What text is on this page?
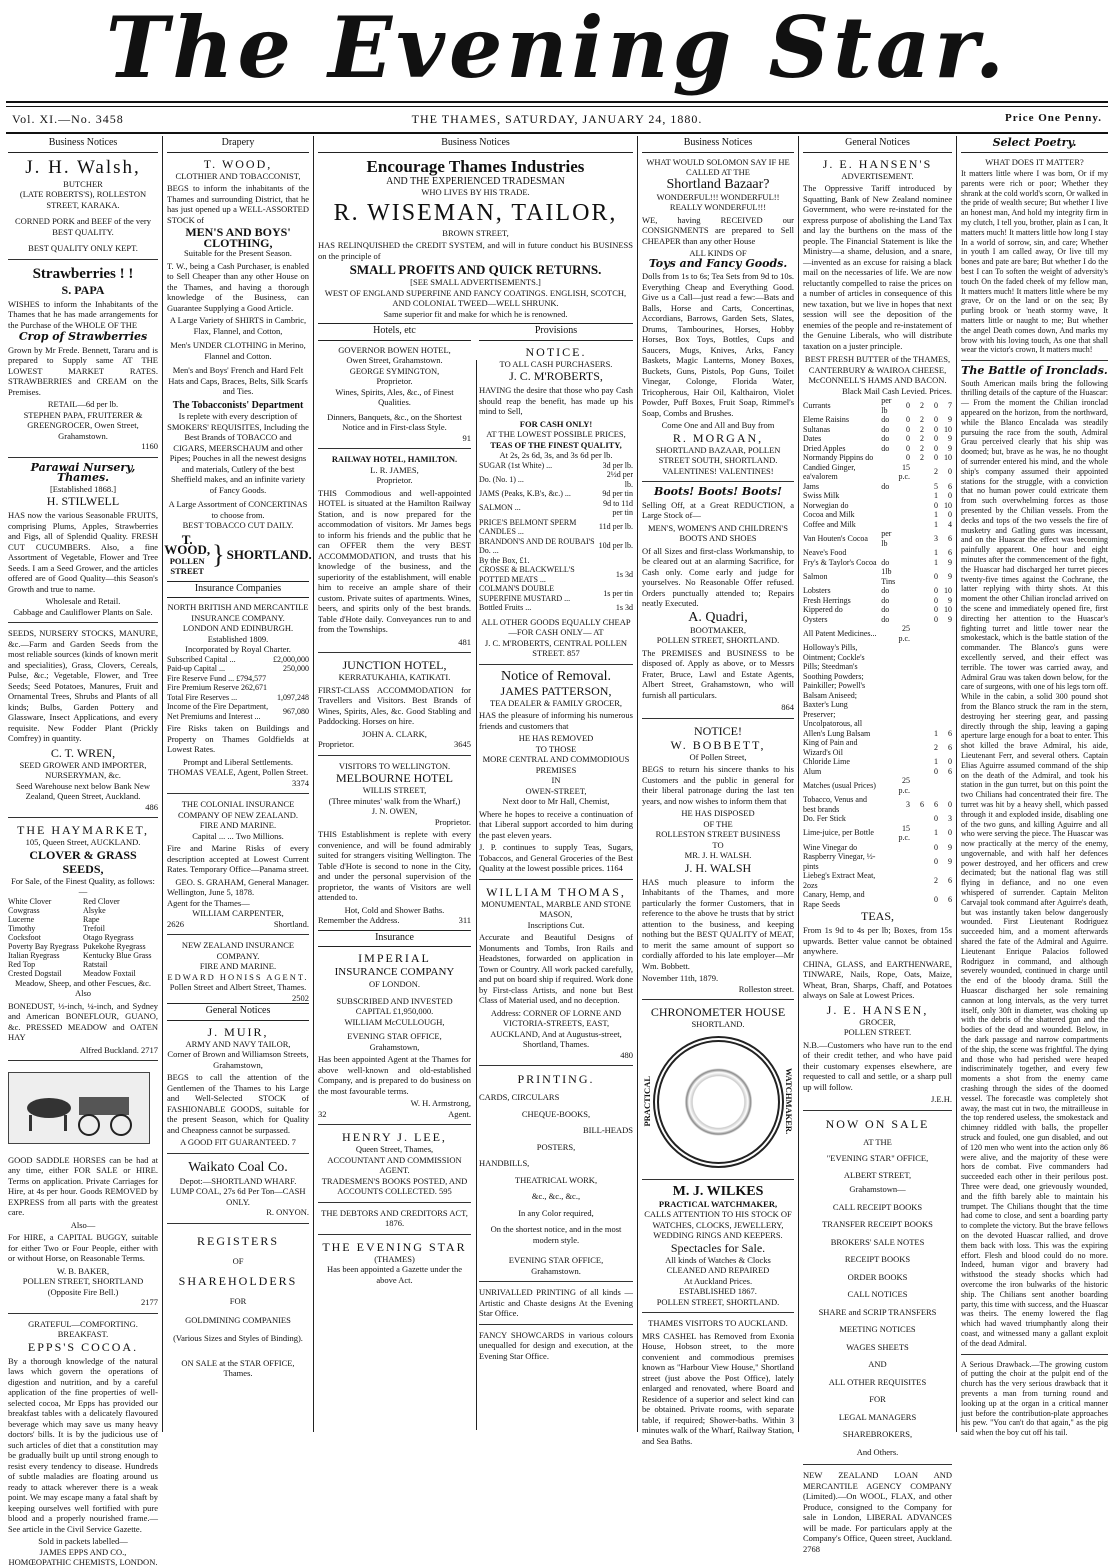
The Evening Star.
Vol. XI.—No. 3458	THE THAMES, SATURDAY, JANUARY 24, 1880.	Price One Penny.
Business Notices
J. H. Walsh,
BUTCHER
(LATE ROBERTS'S), ROLLESTON STREET, KARAKA.
CORNED PORK and BEEF of the very BEST QUALITY.
BEST QUALITY ONLY KEPT.
Strawberries ! !
S. PAPA
WISHES to inform the Inhabitants of the Thames that he has made arrangements for the Purchase of the WHOLE OF THE
Crop of Strawberries
Grown by Mr Frede. Bennett, Tararu and is prepared to Supply same AT THE LOWEST MARKET RATES. STRAWBERRIES and CREAM on the Premises.
RETAIL—6d per lb.
STEPHEN PAPA, FRUITERER & GREENGROCER, Owen Street, Grahamstown.
1160
Parawai Nursery, Thames.
[Established 1868.]
H. STILWELL
HAS now the various Seasonable FRUITS, comprising Plums, Apples, Strawberries and Figs, all of Splendid Quality. FRESH CUT CUCUMBERS. Also, a fine Assortment of Vegetable, Flower and Tree Seeds. I am a Seed Grower, and the articles offered are of Good Quality—this Season's Growth and true to name.
Wholesale and Retail.
Cabbage and Cauliflower Plants on Sale.
SEEDS, NURSERY STOCKS, MANURE, &c.—Farm and Garden Seeds from the most reliable sources (kinds of known merit and specialities), Grass, Clovers, Cereals, Pulse, &c.; Vegetable, Flower, and Tree Seeds; Seed Potatoes, Manures, Fruit and Ornamental Trees, Shrubs and Plants of all kinds; Bulbs, Garden Pottery and Glassware, Insect Applications, and every requisite. New Fodder Plant (Prickly Comfrey) in quantity.
C. T. WREN,
SEED GROWER AND IMPORTER, NURSERYMAN, &c.
Seed Warehouse next below Bank New Zealand, Queen Street, Auckland.
486
THE HAYMARKET,
105, Queen Street, AUCKLAND.
CLOVER & GRASS SEEDS,
For Sale, of the Finest Quality, as follows:—
White Clover	Red Clover
Cowgrass	Alsyke
Lucerne	Rape
Timothy	Trefoil
Cocksfoot	Otago Ryegrass
Poverty Bay Ryegrass Pukekohe Ryegrass
Italian Ryegrass	Kentucky Blue Grass
Red Top	Ratstail
Crested Dogstail	Meadow Foxtail
Meadow, Sheep, and other Fescues, &c.
Also
BONEDUST, ½-inch, ¼-inch, and Sydney and American BONEFLOUR, GUANO, &c. PRESSED MEADOW and OATEN HAY
Alfred Buckland. 2717
GOOD SADDLE HORSES can be had at any time, either FOR SALE or HIRE. Terms on application. Private Carriages for Hire, at 4s per hour. Goods REMOVED by EXPRESS from all parts with the greatest care.
Also—
For HIRE, a CAPITAL BUGGY, suitable for either Two or Four People, either with or without Horse, on Reasonable Terms.
W. B. BAKER,
POLLEN STREET, SHORTLAND (Opposite Fire Bell.)
2177
GRATEFUL—COMFORTING.
BREAKFAST.
EPPS'S COCOA.
By a thorough knowledge of the natural laws which govern the operations of digestion and nutrition, and by a careful application of the fine properties of well-selected cocoa, Mr Epps has provided our breakfast tables with a delicately flavoured beverage which may save us many heavy doctors' bills. It is by the judicious use of such articles of diet that a constitution may be gradually built up until strong enough to resist every tendency to disease. Hundreds of subtle maladies are floating around us ready to attack wherever there is a weak point. We may escape many a fatal shaft by keeping ourselves well fortified with pure blood and a properly nourished frame.—See article in the Civil Service Gazette.
Sold in packets labelled—
JAMES EPPS AND CO., HOMŒOPATHIC CHEMISTS, LONDON.
Drapery
T. WOOD,
CLOTHIER AND TOBACCONIST,
BEGS to inform the inhabitants of the Thames and surrounding District, that he has just opened up a WELL-ASSORTED STOCK of
MEN'S AND BOYS' CLOTHING,
Suitable for the Present Season.
T. W., being a Cash Purchaser, is enabled to Sell Cheaper than any other House on the Thames, and having a thorough knowledge of the Business, can Guarantee Supplying a Good Article.
A Large Variety of SHIRTS in Cambric, Flax, Flannel, and Cotton,
Men's UNDER CLOTHING in Merino, Flannel and Cotton.
Men's and Boys' French and Hard Felt Hats and Caps, Braces, Belts, Silk Scarfs and Ties.
The Tobacconists' Department
Is replete with every description of SMOKERS' REQUISITES, Including the Best Brands of TOBACCO and CIGARS, MEERSCHAUM and other Pipes; Pouches in all the newest designs and materials, Cutlery of the best Sheffield makes, and an infinite variety of Fancy Goods.
A Large Assortment of CONCERTINAS to choose from.
BEST TOBACCO CUT DAILY.
T. WOOD,
POLLEN STREET
} SHORTLAND.
Insurance Companies
NORTH BRITISH AND MERCANTILE INSURANCE COMPANY.
LONDON AND EDINBURGH.
Established 1809.
Incorporated by Royal Charter.
Subscribed Capital ...	£2,000,000
Paid-up Capital ...	250,000
Fire Reserve Fund ... £794,577	
Fire Premium Reserve 262,671	
Total Fire Reserves ...	1,097,248
Income of the Fire Department, Net Premiums and Interest ...	967,080
Fire Risks taken on Buildings and Property on Thames Goldfields at Lowest Rates.
Prompt and Liberal Settlements.
THOMAS VEALE, Agent, Pollen Street.
3374
THE COLONIAL INSURANCE COMPANY OF NEW ZEALAND.
FIRE AND MARINE.
Capital ... ... Two Millions.
Fire and Marine Risks of every description accepted at Lowest Current Rates. Temporary Office—Panama street.
GEO. S. GRAHAM, General Manager.
Wellington, June 5, 1878.
Agent for the Thames—
WILLIAM CARPENTER,
2626	Shortland.
NEW ZEALAND INSURANCE COMPANY.
FIRE AND MARINE.
EDWARD HONISS AGENT.
Pollen Street and Albert Street, Thames.
2502
General Notices
J. MUIR,
ARMY AND NAVY TAILOR,
Corner of Brown and Williamson Streets, Grahamstown,
BEGS to call the attention of the Gentlemen of the Thames to his Large and Well-Selected STOCK of FASHIONABLE GOODS, suitable for the present Season, which for Quality and Cheapness cannot be surpassed.
A GOOD FIT GUARANTEED. 7
Waikato Coal Co.
Depot:—SHORTLAND WHARF.
LUMP COAL, 27s 6d Per Ton—CASH ONLY.
R. ONYON.
REGISTERS
OF
SHAREHOLDERS
FOR
GOLDMINING COMPANIES
(Various Sizes and Styles of Binding).
ON SALE at the STAR OFFICE, Thames.
Business Notices
Encourage Thames Industries
AND THE EXPERIENCED TRADESMAN
WHO LIVES BY HIS TRADE.
R. WISEMAN, TAILOR,
BROWN STREET,
HAS RELINQUISHED the CREDIT SYSTEM, and will in future conduct his BUSINESS on the principle of
SMALL PROFITS AND QUICK RETURNS.
[SEE SMALL ADVERTISEMENTS.]
WEST OF ENGLAND SUPERFINE AND FANCY COATINGS. ENGLISH, SCOTCH, AND COLONIAL TWEED—WELL SHRUNK.
Same superior fit and make for which he is renowned.
Hotels, etc
GOVERNOR BOWEN HOTEL,
Owen Street, Grahamstown.
GEORGE SYMINGTON,
Proprietor.
Wines, Spirits, Ales, &c., of Finest Qualities.
Dinners, Banquets, &c., on the Shortest Notice and in First-class Style.
91
RAILWAY HOTEL, HAMILTON.
L. R. JAMES,
Proprietor.
THIS Commodious and well-appointed HOTEL is situated at the Hamilton Railway Station, and is now prepared for the accommodation of visitors. Mr James begs to inform his friends and the public that he can OFFER them the very BEST ACCOMMODATION, and trusts that his knowledge of the business, and the superiority of the establishment, will enable him to receive an ample share of their custom. Private suites of apartments. Wines, beers, and spirits only of the best brands. Table d'Hote daily. Conveyances run to and from the Townships.
481
JUNCTION HOTEL,
KERRATUKAHIA, KATIKATI.
FIRST-CLASS ACCOMMODATION for Travellers and Visitors. Best Brands of Wines, Spirits, Ales, &c. Good Stabling and Paddocking. Horses on hire.
JOHN A. CLARK,
Proprietor.	3645
VISITORS TO WELLINGTON.
MELBOURNE HOTEL
WILLIS STREET,
(Three minutes' walk from the Wharf,)
J. N. OWEN,
Proprietor.
THIS Establishment is replete with every convenience, and will be found admirably suited for strangers visiting Wellington. The Table d'Hote is second to none in the City, and under the personal supervision of the proprietor, the wants of Visitors are well attended to.
Hot, Cold and Shower Baths.
Remember the Address.	311
Insurance
IMPERIAL
INSURANCE COMPANY
OF LONDON.
SUBSCRIBED AND INVESTED
CAPITAL £1,950,000.
WILLIAM McCULLOUGH,
EVENING STAR OFFICE,
Grahamstown,
Has been appointed Agent at the Thames for above well-known and old-established Company, and is prepared to do business on the most favourable terms.
W. H. Armstrong,
32	Agent.
HENRY J. LEE,
Queen Street, Thames,
ACCOUNTANT AND COMMISSION AGENT.
TRADESMEN'S BOOKS POSTED, AND ACCOUNTS COLLECTED. 595
THE DEBTORS AND CREDITORS ACT, 1876.
THE EVENING STAR
(THAMES)
Has been appointed a Gazette under the above Act.
Provisions
NOTICE.
TO ALL CASH PURCHASERS.
J. C. M'ROBERTS,
HAVING the desire that those who pay Cash should reap the benefit, has made up his mind to Sell,
FOR CASH ONLY!
AT THE LOWEST POSSIBLE PRICES,
TEAS OF THE FINEST QUALITY,
At 2s, 2s 6d, 3s, and 3s 6d per lb.
SUGAR (1st White) ...	3d per lb.
Do. (No. 1) ...	2½d per lb.
JAMS (Peaks, K.B's, &c.) ...	9d per tin
SALMON ...	9d to 11d per tin
PRICE'S BELMONT SPERM CANDLES ...	11d per lb.
BRANDON'S AND DE ROUBAI'S Do. ...	10d per lb.
By the Box, £1.	
CROSSE & BLACKWELL'S POTTED MEATS ...	1s 3d
COLMAN'S DOUBLE SUPERFINE MUSTARD ...	1s per tin
Bottled Fruits ...	1s 3d
ALL OTHER GOODS EQUALLY CHEAP —FOR CASH ONLY— AT
J. C. M'ROBERTS, CENTRAL POLLEN STREET. 857
Notice of Removal.
JAMES PATTERSON,
TEA DEALER & FAMILY GROCER,
HAS the pleasure of informing his numerous friends and customers that
HE HAS REMOVED
TO THOSE
MORE CENTRAL AND COMMODIOUS PREMISES
IN
OWEN-STREET,
Next door to Mr Hall, Chemist,
Where he hopes to receive a continuation of that Liberal support accorded to him during the past eleven years.
J. P. continues to supply Teas, Sugars, Tobaccos, and General Groceries of the Best Quality at the lowest possible prices. 1164
WILLIAM THOMAS,
MONUMENTAL, MARBLE AND STONE MASON,
Inscriptions Cut.
Accurate and Beautiful Designs of Monuments and Tombs, Iron Rails and Headstones, forwarded on application in Town or Country. All work packed carefully, and put on board ship if required. Work done by First-class Artists, and none but Best Class of Material used, and no deception.
Address: CORNER OF LORNE AND VICTORIA-STREETS, EAST, AUCKLAND, And at Augustus-street, Shortland, Thames.
480
PRINTING.
CARDS, CIRCULARS
CHEQUE-BOOKS,
BILL-HEADS
POSTERS,
HANDBILLS,
THEATRICAL WORK,
&c., &c., &c.,
In any Color required,
On the shortest notice, and in the most modern style.
EVENING STAR OFFICE,
Grahamstown.
UNRIVALLED PRINTING of all kinds —Artistic and Chaste designs At the Evening Star Office.
FANCY SHOWCARDS in various colours unequalled for design and execution, at the Evening Star Office.
Business Notices
WHAT WOULD SOLOMON SAY IF HE CALLED AT THE
Shortland Bazaar?
WONDERFUL!!! WONDERFUL!! REALLY WONDERFUL!!!
WE, having RECEIVED our CONSIGNMENTS are prepared to Sell CHEAPER than any other House
ALL KINDS OF
Toys and Fancy Goods.
Dolls from 1s to 6s; Tea Sets from 9d to 10s. Everything Cheap and Everything Good. Give us a Call—just read a few:—Bats and Balls, Horse and Carts, Concertinas, Accordians, Barrows, Garden Sets, Slates, Drums, Tambourines, Horses, Hobby Horses, Box Toys, Bottles, Cups and Saucers, Mugs, Knives, Arks, Fancy Baskets, Magic Lanterns, Money Boxes, Buckets, Guns, Pistols, Pop Guns, Toilet Vinegar, Colonge, Florida Water, Tricopherous, Hair Oil, Kalthairon, Violet Powder, Puff Boxes, Fruit Soap, Rimmel's Soap, Combs and Brushes.
Come One and All and Buy from
R. MORGAN,
SHORTLAND BAZAAR, POLLEN STREET SOUTH, SHORTLAND.
VALENTINES! VALENTINES!
Boots! Boots! Boots!
Selling Off, at a Great REDUCTION, a Large Stock of—
MEN'S, WOMEN'S AND CHILDREN'S BOOTS AND SHOES
Of all Sizes and first-class Workmanship, to be cleared out at an alarming Sacrifice, for Cash only. Come early and judge for yourselves. No Reasonable Offer refused. Orders punctually attended to; Repairs neatly Executed.
A. Quadri,
BOOTMAKER,
POLLEN STREET, SHORTLAND.
The PREMISES and BUSINESS to be disposed of. Apply as above, or to Messrs Frater, Bruce, Lawl and Estate Agents, Albert Street, Grahamstown, who will furnish all particulars.
864
NOTICE!
W. BOBBETT,
Of Pollen Street,
BEGS to return his sincere thanks to his Customers and the public in general for their liberal patronage during the last ten years, and now wishes to inform them that
HE HAS DISPOSED
OF THE
ROLLESTON STREET BUSINESS
TO
MR. J. H. WALSH.
J. H. WALSH
HAS much pleasure to inform the Inhabitants of the Thames, and more particularly the former Customers, that in reference to the above he trusts that by strict attention to the business, and keeping nothing but the BEST QUALITY of MEAT, to merit the same amount of support so cordially afforded to his late employer—Mr Wm. Bobbett.
November 11th, 1879.
Rolleston street.
CHRONOMETER HOUSE
SHORTLAND.
PRACTICAL	WATCHMAKER.
M. J. WILKES
PRACTICAL WATCHMAKER,
CALLS ATTENTION TO HIS STOCK OF
WATCHES, CLOCKS, JEWELLERY, WEDDING RINGS AND KEEPERS.
Spectacles for Sale.
All kinds of Watches & Clocks
CLEANED AND REPAIRED
At Auckland Prices.
ESTABLISHED 1867.
POLLEN STREET, SHORTLAND.
THAMES VISITORS TO AUCKLAND.
MRS CASHEL has Removed from Exonia House, Hobson street, to the more convenient and commodious premises known as "Harbour View House," Shortland street (just above the Post Office), lately enlarged and renovated, where Board and Residence of a superior and select kind can be obtained. Private rooms, with separate table, if required; Shower-baths. Within 3 minutes walk of the Wharf, Railway Station, and Sea Baths.
General Notices
J. E. HANSEN'S
ADVERTISEMENT.
The Oppressive Tariff introduced by Squatting, Bank of New Zealand nominee Government, who were re-instated for the express purpose of abolishing the Land Tax and lay the burthens on the mass of the people. The Financial Statement is like the Ministry—a shame, delusion, and a snare,—invented as an excuse for raising a black mail on the necessaries of life. We are now reluctantly compelled to raise the prices on a number of articles in consequence of this new taxation, but we live in hopes that next session will see the deposition of the enemies of the people and re-instatement of the Genuine Liberals, who will distribute taxation on a juster principle.
BEST FRESH BUTTER of the THAMES, CANTERBURY & WAIROA CHEESE, McCONNELL'S HAMS AND BACON.
Black Mail Cash Levied. Prices.
Currants	per lb	0	2	0	7
Eleme Raisins	do	0	2	0	9
Sultanas	do	0	2	0	10
Dates	do	0	2	0	9
Dried Apples	do	0	2	0	9
Normandy Pippins do		0	2	0	10
Candied Ginger, ea'valorem		15 p.c.		2	0
Jams	do			5	6
Swiss Milk				1	0
Norwegian do				0	10
Cocoa and Milk				1	0
Coffee and Milk				1	4
Van Houten's Cocoa	per lb			3	6
Neave's Food				1	6
Fry's & Taylor's Cocoa	do			1	9
Salmon	1lb Tins			0	9
Lobsters	do			0	10
Fresh Herrings	do			0	9
Kippered do	do			0	10
Oysters	do			0	9
All Patent Medicines...		25 p.c.			
Holloway's Pills, Ointment; Cockle's Pills; Steedman's Soothing Powders; Painkiller; Powell's Balsam Aniseed; Baxter's Lung Preserver; Uncolpatorous, all					
Allen's Lung Balsam				1	6
King of Pain and Wizard's Oil				2	6
Chloride Lime				1	0
Alum				0	6
Matches (usual Prices)		25 p.c.			
Tobacco, Venus and best brands		3	6	6	0
Do. Fer Stick				0	3
Lime-juice, per Bottle		15 p.c.		1	0
Wine Vinegar do				0	9
Raspberry Vinegar, ½-pints				0	9
Liebeg's Extract Meat, 2ozs				2	6
Canary, Hemp, and Rape Seeds				0	6
TEAS,
From 1s 9d to 4s per lb; Boxes, from 15s upwards. Better value cannot be obtained anywhere.
CHINA, GLASS, and EARTHENWARE, TINWARE, Nails, Rope, Oats, Maize, Wheat, Bran, Sharps, Chaff, and Potatoes always on Sale at Lowest Prices.
J. E. HANSEN,
GROCER,
POLLEN STREET.
N.B.—Customers who have run to the end of their credit tether, and who have paid their customary expenses elsewhere, are requested to call and settle, or a sharp pull up will follow.
J.E.H.
NOW ON SALE
AT THE
"EVENING STAR" OFFICE,
ALBERT STREET,
Grahamstown—
CALL RECEIPT BOOKS
TRANSFER RECEIPT BOOKS
BROKERS' SALE NOTES
RECEIPT BOOKS
ORDER BOOKS
CALL NOTICES
SHARE and SCRIP TRANSFERS
MEETING NOTICES
WAGES SHEETS
AND
ALL OTHER REQUISITES
FOR
LEGAL MANAGERS
SHAREBROKERS,
And Others.
NEW ZEALAND LOAN AND MERCANTILE AGENCY COMPANY (Limited).—On WOOL, FLAX, and other Produce, consigned to the Company for sale in London, LIBERAL ADVANCES will be made. For particulars apply at the Company's Office, Queen street, Auckland. 2768
Select Poetry.
WHAT DOES IT MATTER?
It matters little where I was born, Or if my parents were rich or poor; Whether they shrank at the cold world's scorn, Or walked in the pride of wealth secure; But whether I live an honest man, And hold my integrity firm in my clutch, I tell you, brother, plain as I can, It matters much! It matters little how long I stay In a world of sorrow, sin, and care; Whether in youth I am called away, Or live till my bones and pate are bare; But whether I do the best I can To soften the weight of adversity's touch On the faded cheek of my fellow man, It matters much! It matters little where be my grave, Or on the land or on the sea; By purling brook or 'neath stormy wave, It matters little or naught to me; But whether the angel Death comes down, And marks my brow with his loving touch, As one that shall wear the victor's crown, It matters much!
The Battle of Ironclads.
South American mails bring the following thrilling details of the capture of the Huascar:— From the moment the Chilian ironclad appeared on the horizon, from the northward, while the Blanco Encalada was steadily pursuing the race from the south, Admiral Grau perceived clearly that his ship was doomed; but, brave as he was, he no thought of surrender entered his mind, and the whole ship's company assumed their appointed stations for the struggle, with a conviction that no human power could extricate them from such overwhelming forces as those presented by the Chilian vessels. From the decks and tops of the two vessels the fire of musketry and Gatling guns was incessant, and on the Huascar the effect was becoming painfully apparent. One hour and eight minutes after the commencement of the fight, the Huascar had discharged her turret pieces twenty-five times against the Cochrane, the latter replying with thirty shots. At this moment the other Chilian ironclad arrived on the scene and immediately opened fire, first directing her attention to the Huascar's fighting turret and little tower near the smokestack, which is the battle station of the commander. The Blanco's guns were excellently served, and their effect was terrible. The tower was carried away, and Admiral Grau was taken down below, for the care of surgeons, with one of his legs torn off. While in the cabin, a solid 300 pound shot from the Blanco struck the ram in the stern, destroying her steering gear, and passing directly through the ship, leaving a gaping aperture large enough for a boat to enter. This shot killed the brave Admiral, his aide, Lieutenant Ferr, and several others. Captain Elias Aguirre assumed command of the ship on the death of the Admiral, and took his station in the gun turret, but on this point the two Chilians had concentrated their fire. The turret was hit by a heavy shell, which passed through it and exploded inside, disabling one of the two guns, and killing Aguirre and all who were serving the piece. The Huascar was now practically at the mercy of the enemy, ungovernable, and with half her defences power destroyed, and her officers and crew decimated; but the national flag was still flying in defiance, and no one even whispered of surrender. Captain Meliton Carvajal took command after Aguirre's death, but was instantly taken below dangerously wounded. First Lieutenant Rodriguez succeeded him, and a moment afterwards shared the fate of the Admiral and Aguirre. Lieutenant Enrique Palacios followed Rodriguez in command, and although severely wounded, continued in charge until the end of the bloody drama. Still the Huascar discharged her sole remaining cannon at long intervals, as the very turret itself, only 30ft in diameter, was choking up with the debris of the shattered gun and the bodies of the dead and wounded. Below, in the dark passage and narrow compartments of the ship, the scene was frightful. The dying and those who had perished were heaped indiscriminately together, and every few moments a shot from the enemy came crashing through the sides of the doomed vessel. The forecastle was completely shot away, the mast cut in two, the mitrailleuse in the top rendered useless, the smokestack and chimney riddled with balls, the propeller struck and fouled, one gun disabled, and out of 120 men who went into the action only 86 were alive, and the majority of these were hors de combat. Five commanders had succeeded each other in their perilous post. Three were dead, one grievously wounded, and the fifth barely able to maintain his trumpet. The Chilians thought that the time had come to close, and sent a boarding party to complete the victory. But the brave fellows on the devoted Huascar rallied, and drove them back with loss. This was the expiring effort. Flesh and blood could do no more. Indeed, human vigor and bravery had withstood the steady shocks which had overcome the iron bulwarks of the historic ship. The Chilians sent another boarding party, this time with success, and the Huascar was theirs. The enemy lowered the flag which had waved triumphantly along their coast, and witnessed many a gallant exploit of the dead Admiral.
A Serious Drawback.—The growing custom of putting the choir at the pulpit end of the church has the very serious drawback that it prevents a man from turning round and looking up at the organ in a critical manner just before the contribution-plate approaches his pew. "You can't do that again," as the pig said when the boy cut off his tail.
